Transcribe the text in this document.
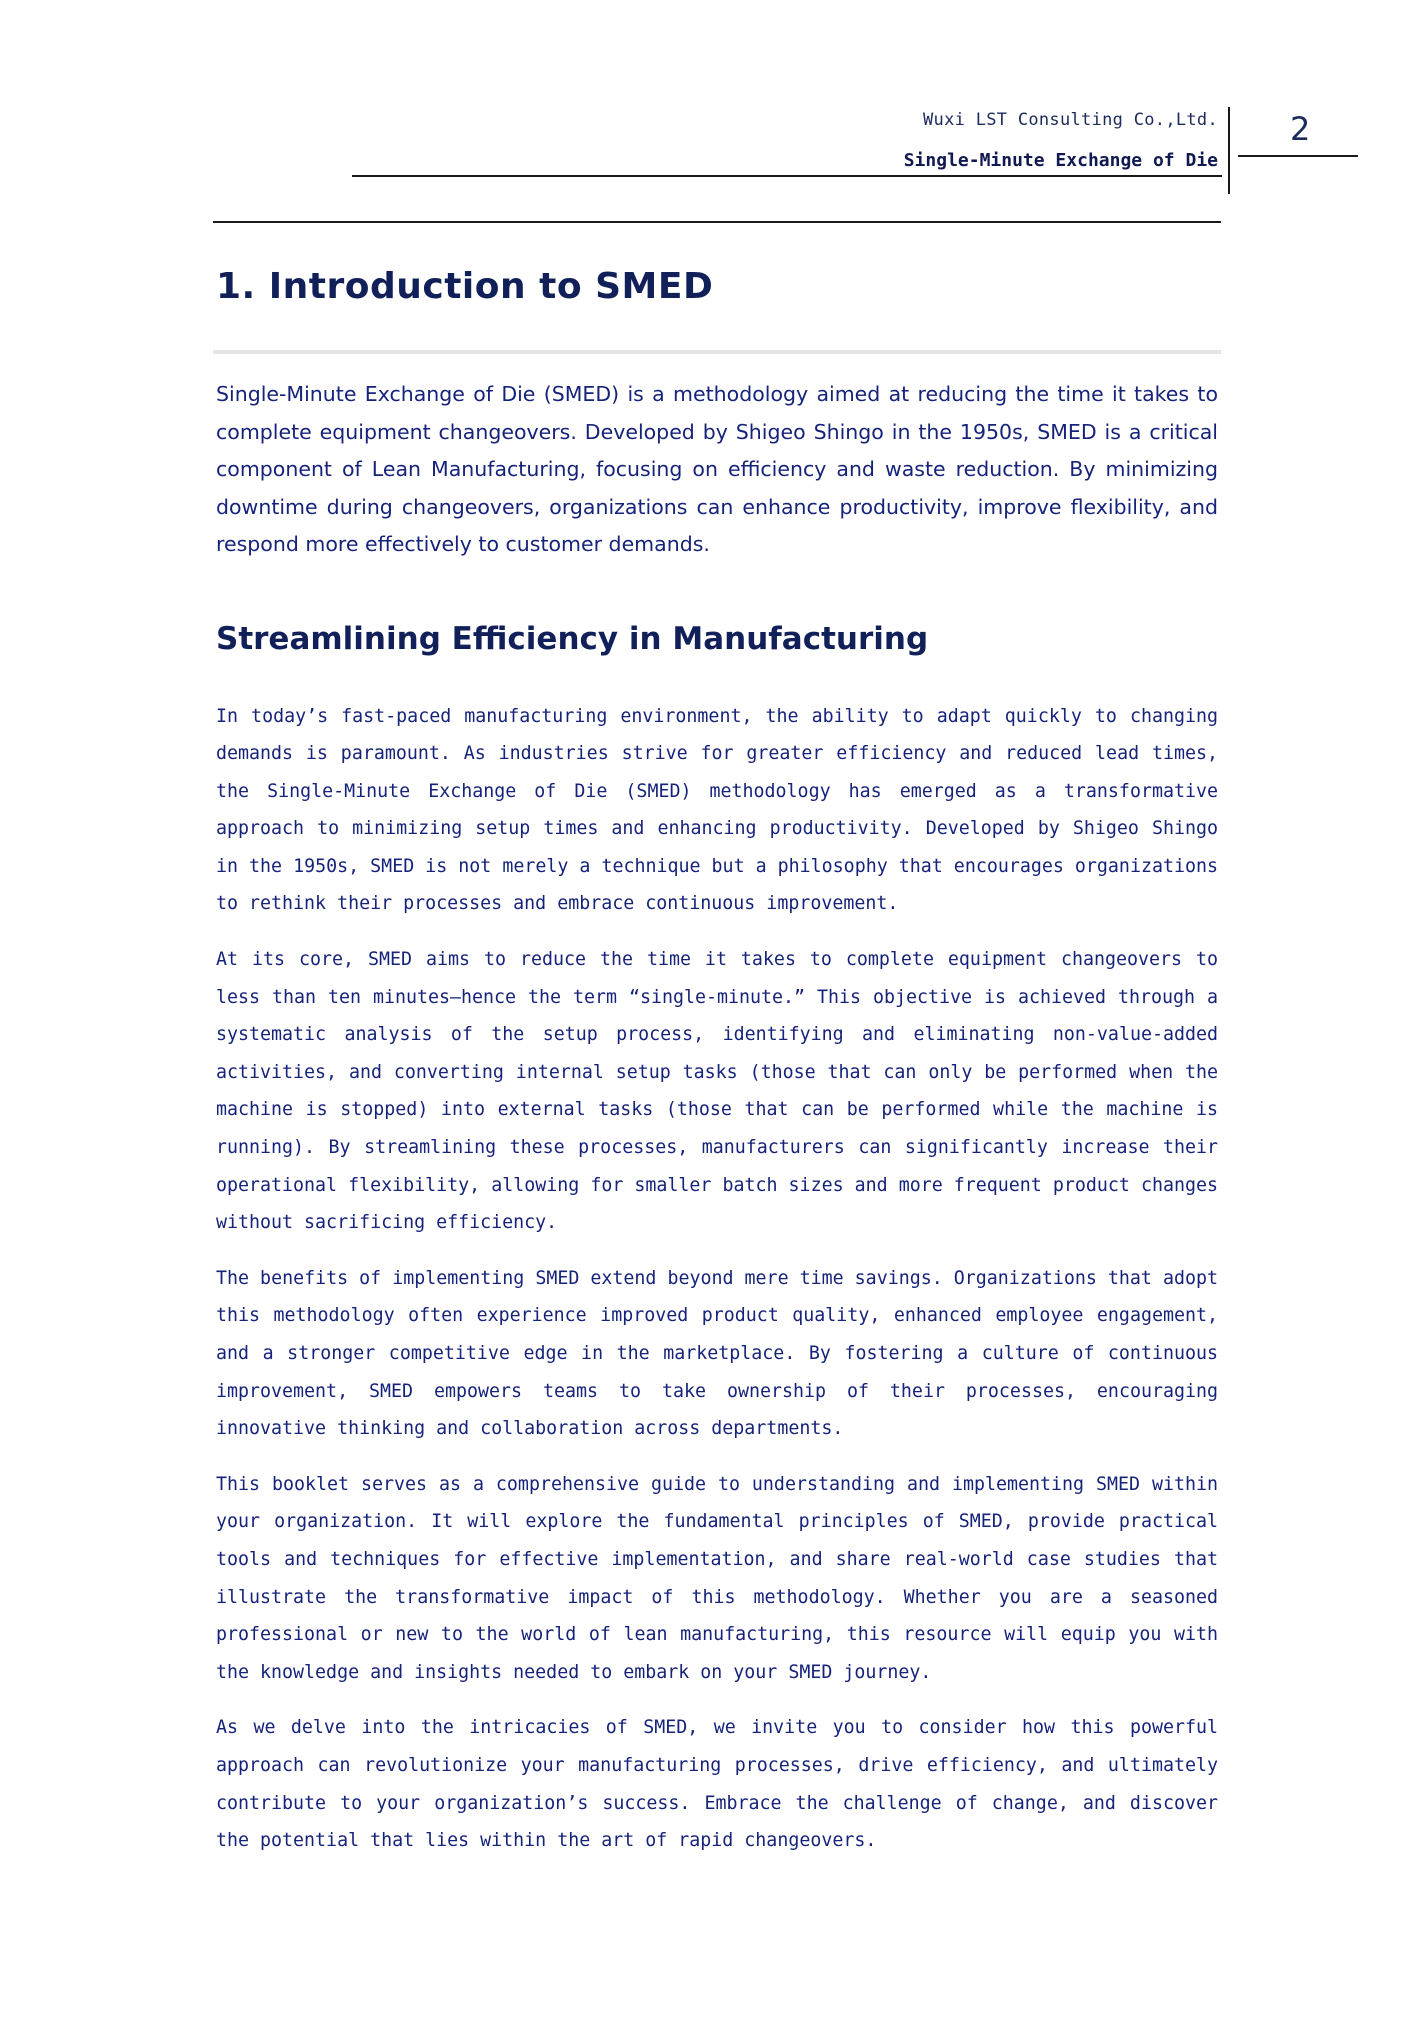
Wuxi LST Consulting Co.,Ltd.
Single-Minute Exchange of Die
2
1. Introduction to SMED

Single-Minute Exchange of Die (SMED) is a methodology aimed at reducing the time it takes to complete equipment changeovers. Developed by Shigeo Shingo in the 1950s, SMED is a critical component of Lean Manufacturing, focusing on efficiency and waste reduction. By minimizing downtime during changeovers, organizations can enhance productivity, improve flexibility, and respond more effectively to customer demands.

Streamlining Efficiency in Manufacturing

In today’s fast-paced manufacturing environment, the ability to adapt quickly to changing demands is paramount. As industries strive for greater efficiency and reduced lead times, the Single-Minute Exchange of Die (SMED) methodology has emerged as a transformative approach to minimizing setup times and enhancing productivity. Developed by Shigeo Shingo in the 1950s, SMED is not merely a technique but a philosophy that encourages organizations to rethink their processes and embrace continuous improvement.

At its core, SMED aims to reduce the time it takes to complete equipment changeovers to less than ten minutes—hence the term “single-minute.” This objective is achieved through a systematic analysis of the setup process, identifying and eliminating non-value-added activities, and converting internal setup tasks (those that can only be performed when the machine is stopped) into external tasks (those that can be performed while the machine is running). By streamlining these processes, manufacturers can significantly increase their operational flexibility, allowing for smaller batch sizes and more frequent product changes without sacrificing efficiency.

The benefits of implementing SMED extend beyond mere time savings. Organizations that adopt this methodology often experience improved product quality, enhanced employee engagement, and a stronger competitive edge in the marketplace. By fostering a culture of continuous improvement, SMED empowers teams to take ownership of their processes, encouraging innovative thinking and collaboration across departments.

This booklet serves as a comprehensive guide to understanding and implementing SMED within your organization. It will explore the fundamental principles of SMED, provide practical tools and techniques for effective implementation, and share real-world case studies that illustrate the transformative impact of this methodology. Whether you are a seasoned professional or new to the world of lean manufacturing, this resource will equip you with the knowledge and insights needed to embark on your SMED journey.

As we delve into the intricacies of SMED, we invite you to consider how this powerful approach can revolutionize your manufacturing processes, drive efficiency, and ultimately contribute to your organization’s success. Embrace the challenge of change, and discover the potential that lies within the art of rapid changeovers.
